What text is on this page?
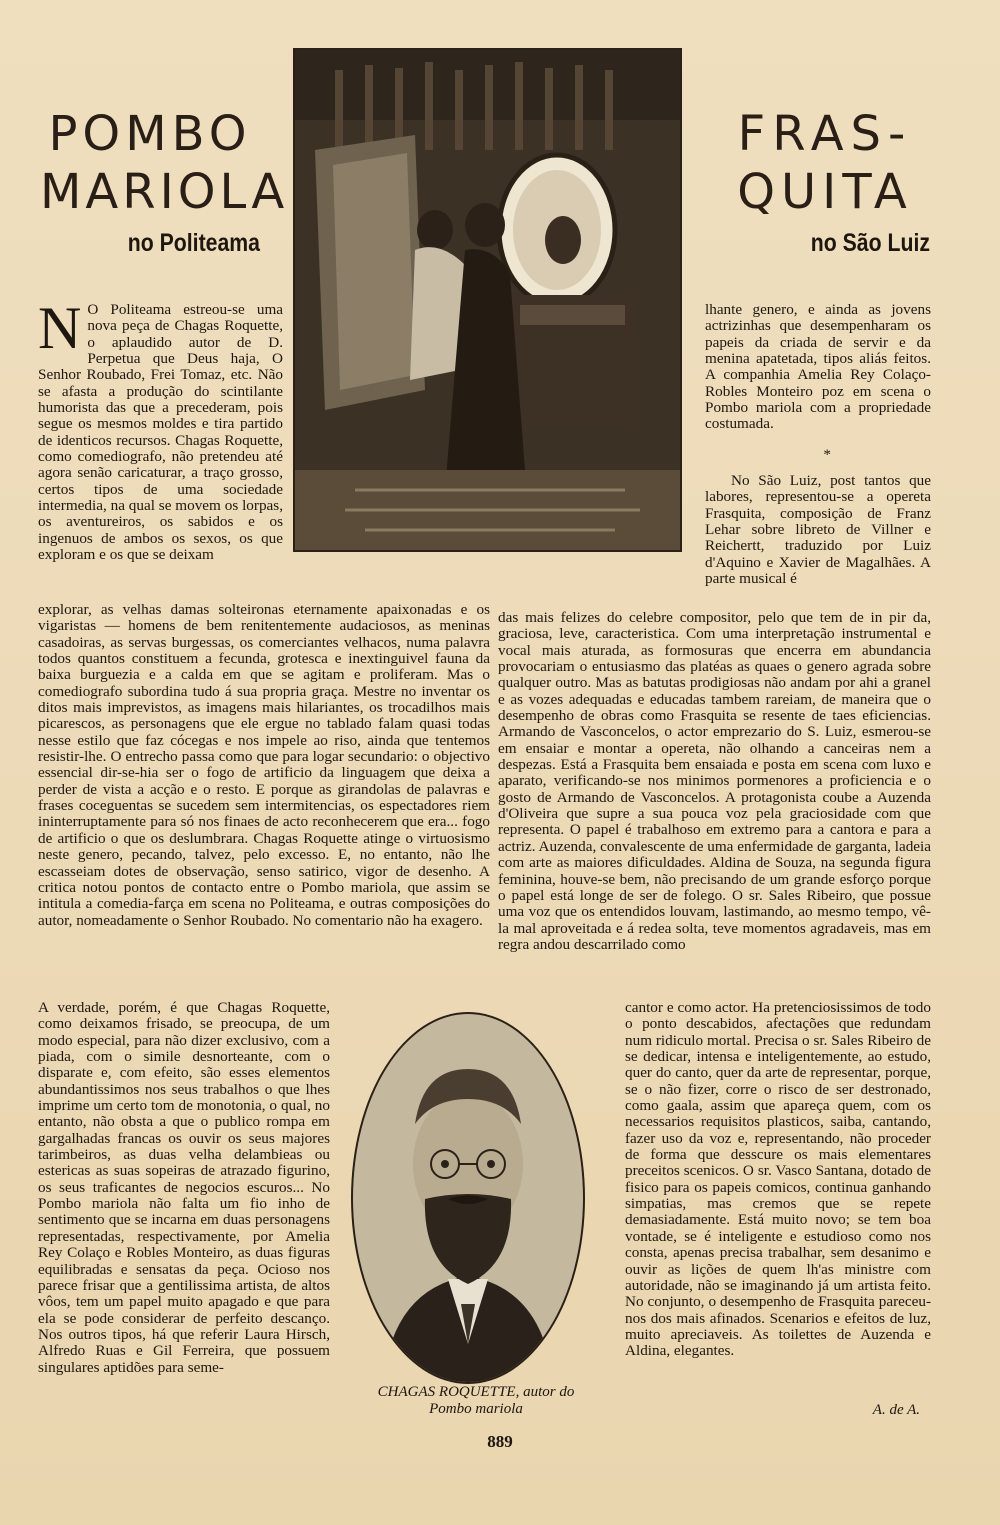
POMBO
MARIOLA
no Politeama
FRAS-
QUITA
no São Luiz
N O Politeama estreou-se uma nova peça de Chagas Roquette, o aplaudido autor de D. Perpetua que Deus haja, O Senhor Roubado, Frei Tomaz, etc. Não se afasta a produção do scintilante humorista das que a precederam, pois segue os mesmos moldes e tira partido de identicos recursos. Chagas Roquette, como comediografo, não pretendeu até agora senão caricaturar, a traço grosso, certos tipos de uma sociedade intermedia, na qual se movem os lorpas, os aventureiros, os sabidos e os ingenuos de ambos os sexos, os que exploram e os que se deixam

explorar, as velhas damas solteironas eternamente apaixonadas e os vigaristas — homens de bem renitentemente audaciosos, as meninas casadoiras, as servas burgessas, os comerciantes velhacos, numa palavra todos quantos constituem a fecunda, grotesca e inextinguivel fauna da baixa burguezia e a calda em que se agitam e proliferam. Mas o comediografo subordina tudo á sua propria graça. Mestre no inventar os ditos mais imprevistos, as imagens mais hilariantes, os trocadilhos mais picarescos, as personagens que ele ergue no tablado falam quasi todas nesse estilo que faz cócegas e nos impele ao riso, ainda que tentemos resistir-lhe. O entrecho passa como que para logar secundario: o objectivo essencial dir-se-hia ser o fogo de artificio da linguagem que deixa a perder de vista a acção e o resto. E porque as girandolas de palavras e frases coceguentas se sucedem sem intermitencias, os espectadores riem ininterruptamente para só nos finaes de acto reconhecerem que era... fogo de artificio o que os deslumbrara. Chagas Roquette atinge o virtuosismo neste genero, pecando, talvez, pelo excesso. E, no entanto, não lhe escasseiam dotes de observação, senso satirico, vigor de desenho. A critica notou pontos de contacto entre o Pombo mariola, que assim se intitula a comedia-farça em scena no Politeama, e outras composições do autor, nomeadamente o Senhor Roubado. No comentario não ha exagero.

A verdade, porém, é que Chagas Roquette, como deixamos frisado, se preocupa, de um modo especial, para não dizer exclusivo, com a piada, com o simile desnorteante, com o disparate e, com efeito, são esses elementos abundantissimos nos seus trabalhos o que lhes imprime um certo tom de monotonia, o qual, no entanto, não obsta a que o publico rompa em gargalhadas francas os ouvir os seus majores tarimbeiros, as duas velha delambieas ou estericas as suas sopeiras de atrazado figurino, os seus traficantes de negocios escuros... No Pombo mariola não falta um fio inho de sentimento que se incarna em duas personagens representadas, respectivamente, por Amelia Rey Colaço e Robles Monteiro, as duas figuras equilibradas e sensatas da peça. Ocioso nos parece frisar que a gentilissima artista, de altos vôos, tem um papel muito apagado e que para ela se pode considerar de perfeito descanço. Nos outros tipos, há que referir Laura Hirsch, Alfredo Ruas e Gil Ferreira, que possuem singulares aptidões para seme-

lhante genero, e ainda as jovens actrizinhas que desempenharam os papeis da criada de servir e da menina apatetada, tipos aliás feitos. A companhia Amelia Rey Colaço-Robles Monteiro poz em scena o Pombo mariola com a propriedade costumada.

*

No São Luiz, post tantos que labores, representou-se a opereta Frasquita, composição de Franz Lehar sobre libreto de Villner e Reichertt, traduzido por Luiz d'Aquino e Xavier de Magalhães. A parte musical é

das mais felizes do celebre compositor, pelo que tem de in pir da, graciosa, leve, caracteristica. Com uma interpretação instrumental e vocal mais aturada, as formosuras que encerra em abundancia provocariam o entusiasmo das platéas as quaes o genero agrada sobre qualquer outro. Mas as batutas prodigiosas não andam por ahi a granel e as vozes adequadas e educadas tambem rareiam, de maneira que o desempenho de obras como Frasquita se resente de taes eficiencias. Armando de Vasconcelos, o actor emprezario do S. Luiz, esmerou-se em ensaiar e montar a opereta, não olhando a canceiras nem a despezas. Está a Frasquita bem ensaiada e posta em scena com luxo e aparato, verificando-se nos minimos pormenores a proficiencia e o gosto de Armando de Vasconcelos. A protagonista coube a Auzenda d'Oliveira que supre a sua pouca voz pela graciosidade com que representa. O papel é trabalhoso em extremo para a cantora e para a actriz. Auzenda, convalescente de uma enfermidade de garganta, ladeia com arte as maiores dificuldades. Aldina de Souza, na segunda figura feminina, houve-se bem, não precisando de um grande esforço porque o papel está longe de ser de folego. O sr. Sales Ribeiro, que possue uma voz que os entendidos louvam, lastimando, ao mesmo tempo, vê-la mal aproveitada e á redea solta, teve momentos agradaveis, mas em regra andou descarrilado como

cantor e como actor. Ha pretenciosissimos de todo o ponto descabidos, afectações que redundam num ridiculo mortal. Precisa o sr. Sales Ribeiro de se dedicar, intensa e inteligentemente, ao estudo, quer do canto, quer da arte de representar, porque, se o não fizer, corre o risco de ser destronado, como gaala, assim que apareça quem, com os necessarios requisitos plasticos, saiba, cantando, fazer uso da voz e, representando, não proceder de forma que desscure os mais elementares preceitos scenicos. O sr. Vasco Santana, dotado de fisico para os papeis comicos, continua ganhando simpatias, mas cremos que se repete demasiadamente. Está muito novo; se tem boa vontade, se é inteligente e estudioso como nos consta, apenas precisa trabalhar, sem desanimo e ouvir as lições de quem lh'as ministre com autoridade, não se imaginando já um artista feito. No conjunto, o desempenho de Frasquita pareceu-nos dos mais afinados. Scenarios e efeitos de luz, muito apreciaveis. As toilettes de Auzenda e Aldina, elegantes.

CHAGAS ROQUETTE, autor do
Pombo mariola	A. de A.
889
